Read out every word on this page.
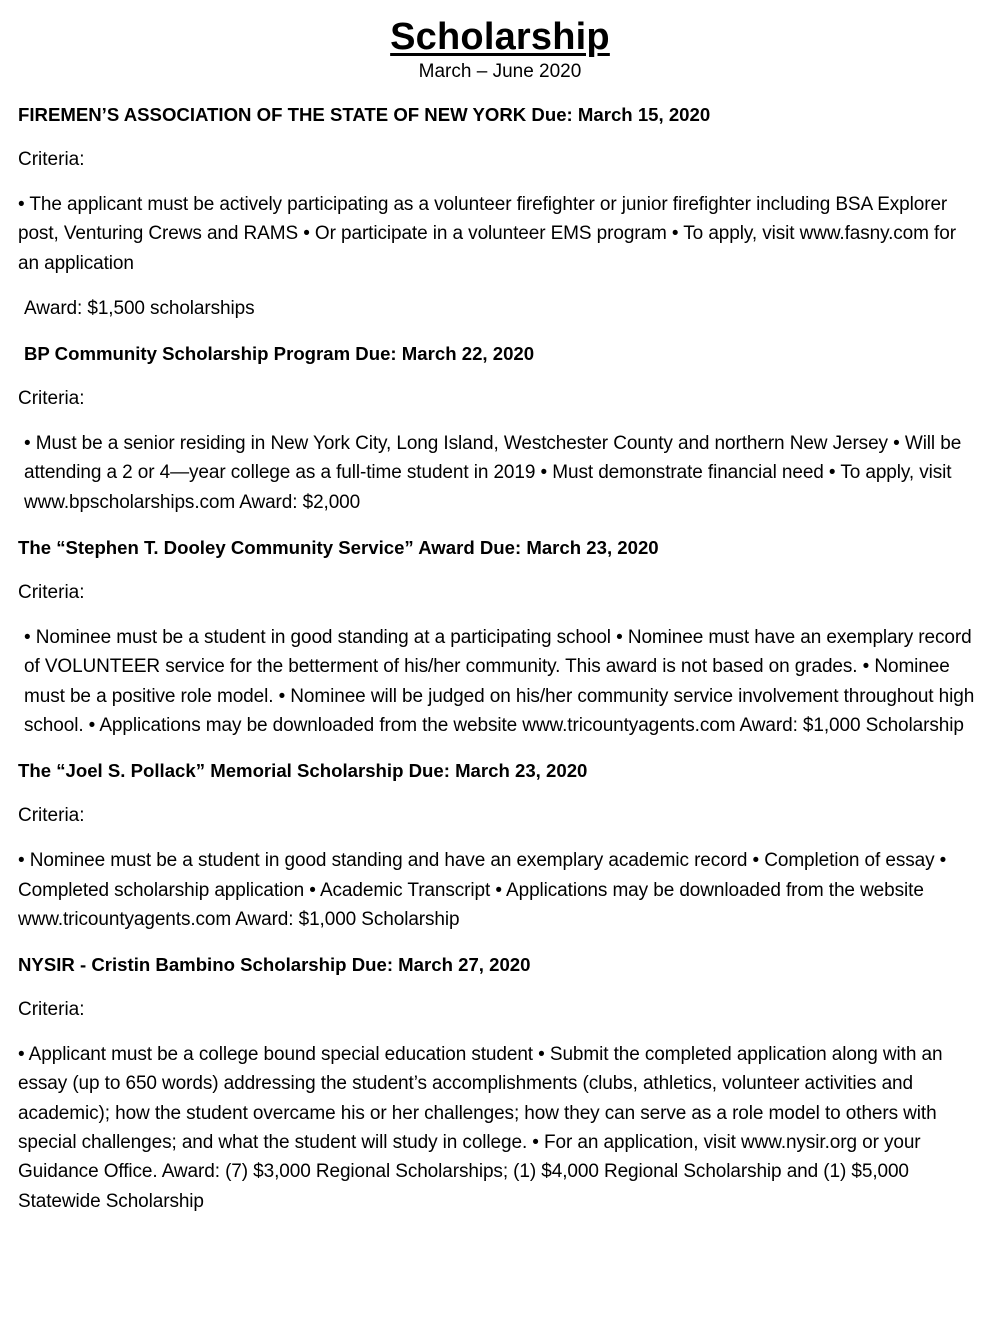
Scholarship

March – June 2020

FIREMEN’S ASSOCIATION OF THE STATE OF NEW YORK Due: March 15, 2020

Criteria:

• The applicant must be actively participating as a volunteer firefighter or junior firefighter including BSA Explorer post, Venturing Crews and RAMS • Or participate in a volunteer EMS program • To apply, visit www.fasny.com for an application

Award: $1,500 scholarships

BP Community Scholarship Program Due: March 22, 2020

Criteria:

• Must be a senior residing in New York City, Long Island, Westchester County and northern New Jersey • Will be attending a 2 or 4—year college as a full-time student in 2019 • Must demonstrate financial need • To apply, visit www.bpscholarships.com Award: $2,000

The “Stephen T. Dooley Community Service” Award Due: March 23, 2020

Criteria:

• Nominee must be a student in good standing at a participating school • Nominee must have an exemplary record of VOLUNTEER service for the betterment of his/her community. This award is not based on grades. • Nominee must be a positive role model. • Nominee will be judged on his/her community service involvement throughout high school. • Applications may be downloaded from the website www.tricountyagents.com Award: $1,000 Scholarship

The “Joel S. Pollack” Memorial Scholarship Due: March 23, 2020

Criteria:

• Nominee must be a student in good standing and have an exemplary academic record • Completion of essay • Completed scholarship application • Academic Transcript • Applications may be downloaded from the website www.tricountyagents.com Award: $1,000 Scholarship

NYSIR - Cristin Bambino Scholarship Due: March 27, 2020

Criteria:

• Applicant must be a college bound special education student • Submit the completed application along with an essay (up to 650 words) addressing the student’s accomplishments (clubs, athletics, volunteer activities and academic); how the student overcame his or her challenges; how they can serve as a role model to others with special challenges; and what the student will study in college. • For an application, visit www.nysir.org or your Guidance Office. Award: (7) $3,000 Regional Scholarships; (1) $4,000 Regional Scholarship and (1) $5,000 Statewide Scholarship
